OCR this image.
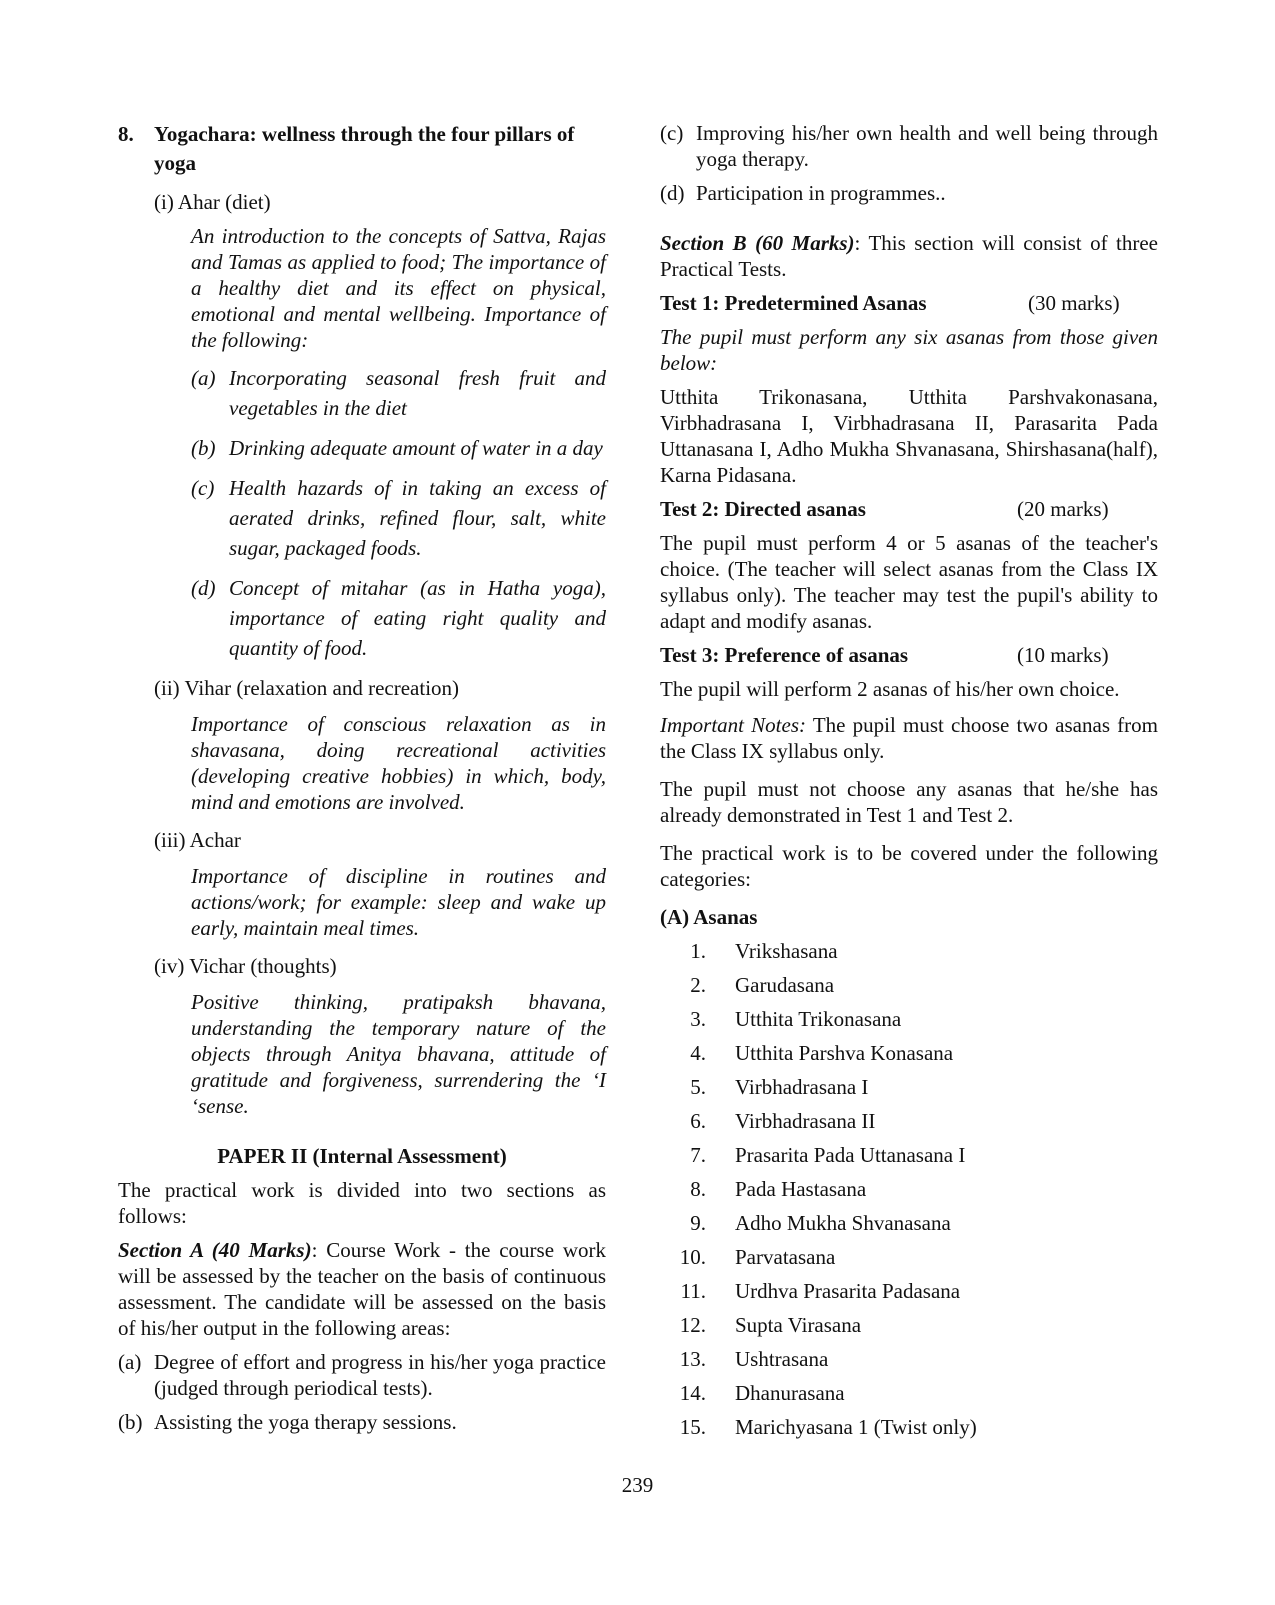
8. Yogachara: wellness through the four pillars of yoga

(i) Ahar (diet)

An introduction to the concepts of Sattva, Rajas and Tamas as applied to food; The importance of a healthy diet and its effect on physical, emotional and mental wellbeing. Importance of the following:

(a) Incorporating seasonal fresh fruit and vegetables in the diet

(b) Drinking adequate amount of water in a day

(c) Health hazards of in taking an excess of aerated drinks, refined flour, salt, white sugar, packaged foods.

(d) Concept of mitahar (as in Hatha yoga), importance of eating right quality and quantity of food.

(ii) Vihar (relaxation and recreation)

Importance of conscious relaxation as in shavasana, doing recreational activities (developing creative hobbies) in which, body, mind and emotions are involved.

(iii) Achar

Importance of discipline in routines and actions/work; for example: sleep and wake up early, maintain meal times.

(iv) Vichar (thoughts)

Positive thinking, pratipaksh bhavana, understanding the temporary nature of the objects through Anitya bhavana, attitude of gratitude and forgiveness, surrendering the ‘I ‘sense.

PAPER II (Internal Assessment)

The practical work is divided into two sections as follows:

Section A (40 Marks): Course Work - the course work will be assessed by the teacher on the basis of continuous assessment. The candidate will be assessed on the basis of his/her output in the following areas:

(a) Degree of effort and progress in his/her yoga practice (judged through periodical tests).

(b) Assisting the yoga therapy sessions.

(c) Improving his/her own health and well being through yoga therapy.

(d) Participation in programmes..

Section B (60 Marks): This section will consist of three Practical Tests.

Test 1: Predetermined Asanas	(30 marks)

The pupil must perform any six asanas from those given below:

Utthita Trikonasana, Utthita Parshvakonasana, Virbhadrasana I, Virbhadrasana II, Parasarita Pada Uttanasana I, Adho Mukha Shvanasana, Shirshasana(half), Karna Pidasana.

Test 2: Directed asanas	(20 marks)

The pupil must perform 4 or 5 asanas of the teacher's choice. (The teacher will select asanas from the Class IX syllabus only). The teacher may test the pupil's ability to adapt and modify asanas.

Test 3: Preference of asanas	(10 marks)

The pupil will perform 2 asanas of his/her own choice.

Important Notes: The pupil must choose two asanas from the Class IX syllabus only.

The pupil must not choose any asanas that he/she has already demonstrated in Test 1 and Test 2.

The practical work is to be covered under the following categories:

(A) Asanas

1. Vrikshasana
2. Garudasana
3. Utthita Trikonasana
4. Utthita Parshva Konasana
5. Virbhadrasana I
6. Virbhadrasana II
7. Prasarita Pada Uttanasana I
8. Pada Hastasana
9. Adho Mukha Shvanasana
10. Parvatasana
11. Urdhva Prasarita Padasana
12. Supta Virasana
13. Ushtrasana
14. Dhanurasana
15. Marichyasana 1 (Twist only)
239
